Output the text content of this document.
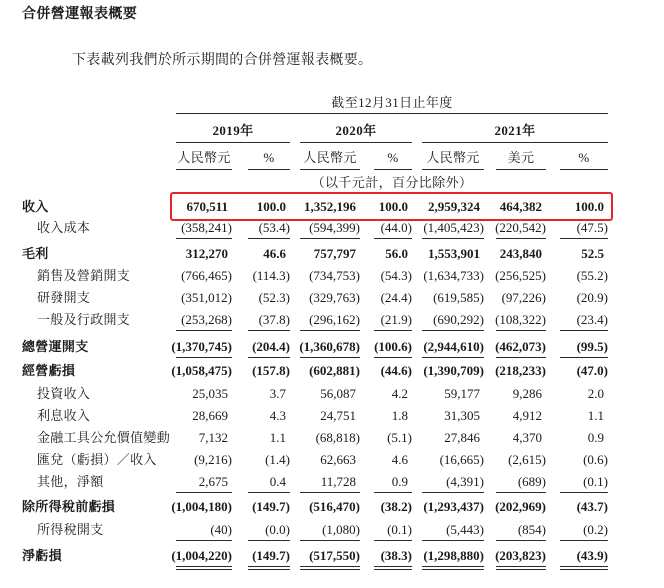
合併營運報表概要
下表載列我們於所示期間的合併營運報表概要。
截至12月31日止年度
2019年	2020年	2021年
人民幣元	%	人民幣元	%	人民幣元	美元	%
（以千元計，百分比除外）
收入	670,511	100.0	1,352,196	100.0	2,959,324	464,382	100.0
收入成本	(358,241) (53.4) (594,399) (44.0) (1,405,423) (220,542) (47.5)
毛利	312,270	46.6	757,797	56.0	1,553,901	243,840	52.5
銷售及營銷開支	(766,465) (114.3) (734,753) (54.3) (1,634,733) (256,525) (55.2)
研發開支	(351,012) (52.3) (329,763) (24.4) (619,585) (97,226) (20.9)
一般及行政開支	(253,268) (37.8) (296,162) (21.9) (690,292) (108,322) (23.4)
總營運開支	(1,370,745) (204.4) (1,360,678) (100.6) (2,944,610) (462,073) (99.5)
經營虧損	(1,058,475) (157.8) (602,881) (44.6) (1,390,709) (218,233) (47.0)
投資收入	25,035	3.7	56,087	4.2	59,177	9,286	2.0
利息收入	28,669	4.3	24,751	1.8	31,305	4,912	1.1
金融工具公允價值變動 7,132	1.1	(68,818) (5.1) 27,846	4,370	0.9
匯兌（虧損）／收入	(9,216)	(1.4) 62,663	4.6	(16,665) (2,615)	(0.6)
其他，淨額	2,675	0.4	11,728	0.9	(4,391)	(689)	(0.1)
除所得稅前虧損	(1,004,180) (149.7) (516,470) (38.2) (1,293,437) (202,969) (43.7)
所得稅開支	(40)	(0.0) (1,080) (0.1)	(5,443)	(854)	(0.2)
淨虧損	(1,004,220) (149.7) (517,550) (38.3) (1,298,880) (203,823) (43.9)
